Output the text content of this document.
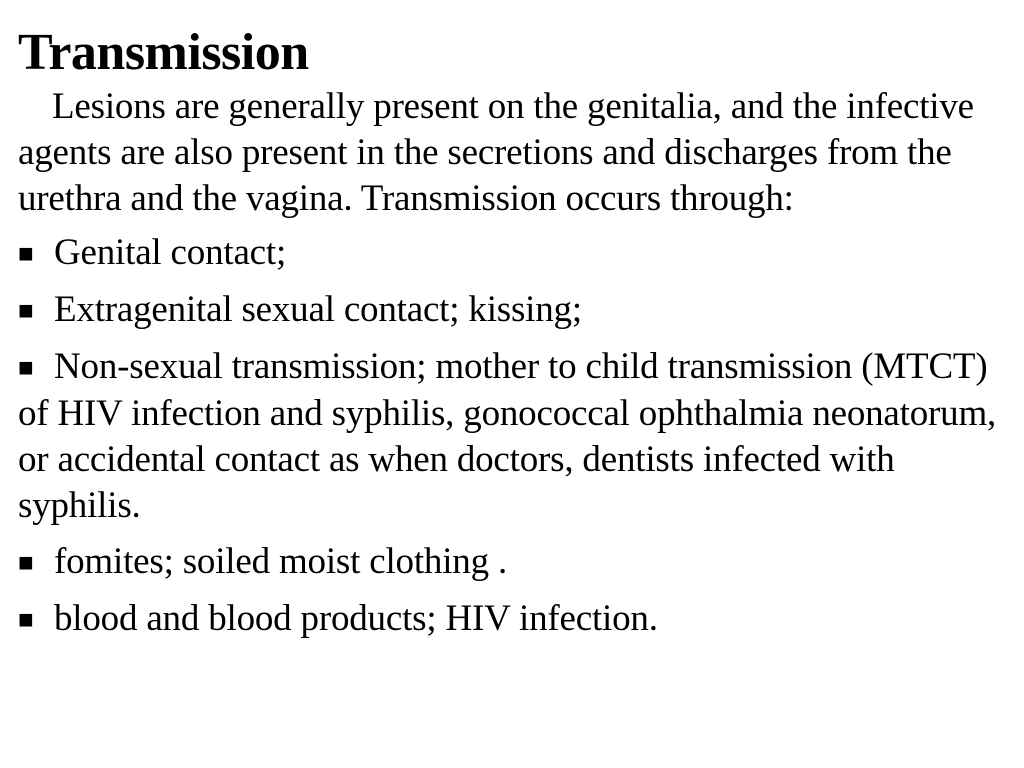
Transmission

Lesions are generally present on the genitalia, and the infective agents are also present in the secretions and discharges from the urethra and the vagina. Transmission occurs through:

■ Genital contact;
■ Extragenital sexual contact; kissing;
■ Non-sexual transmission; mother to child transmission (MTCT) of HIV infection and syphilis, gonococcal ophthalmia neonatorum, or accidental contact as when doctors, dentists infected with syphilis.
■ fomites; soiled moist clothing .
■ blood and blood products; HIV infection.
